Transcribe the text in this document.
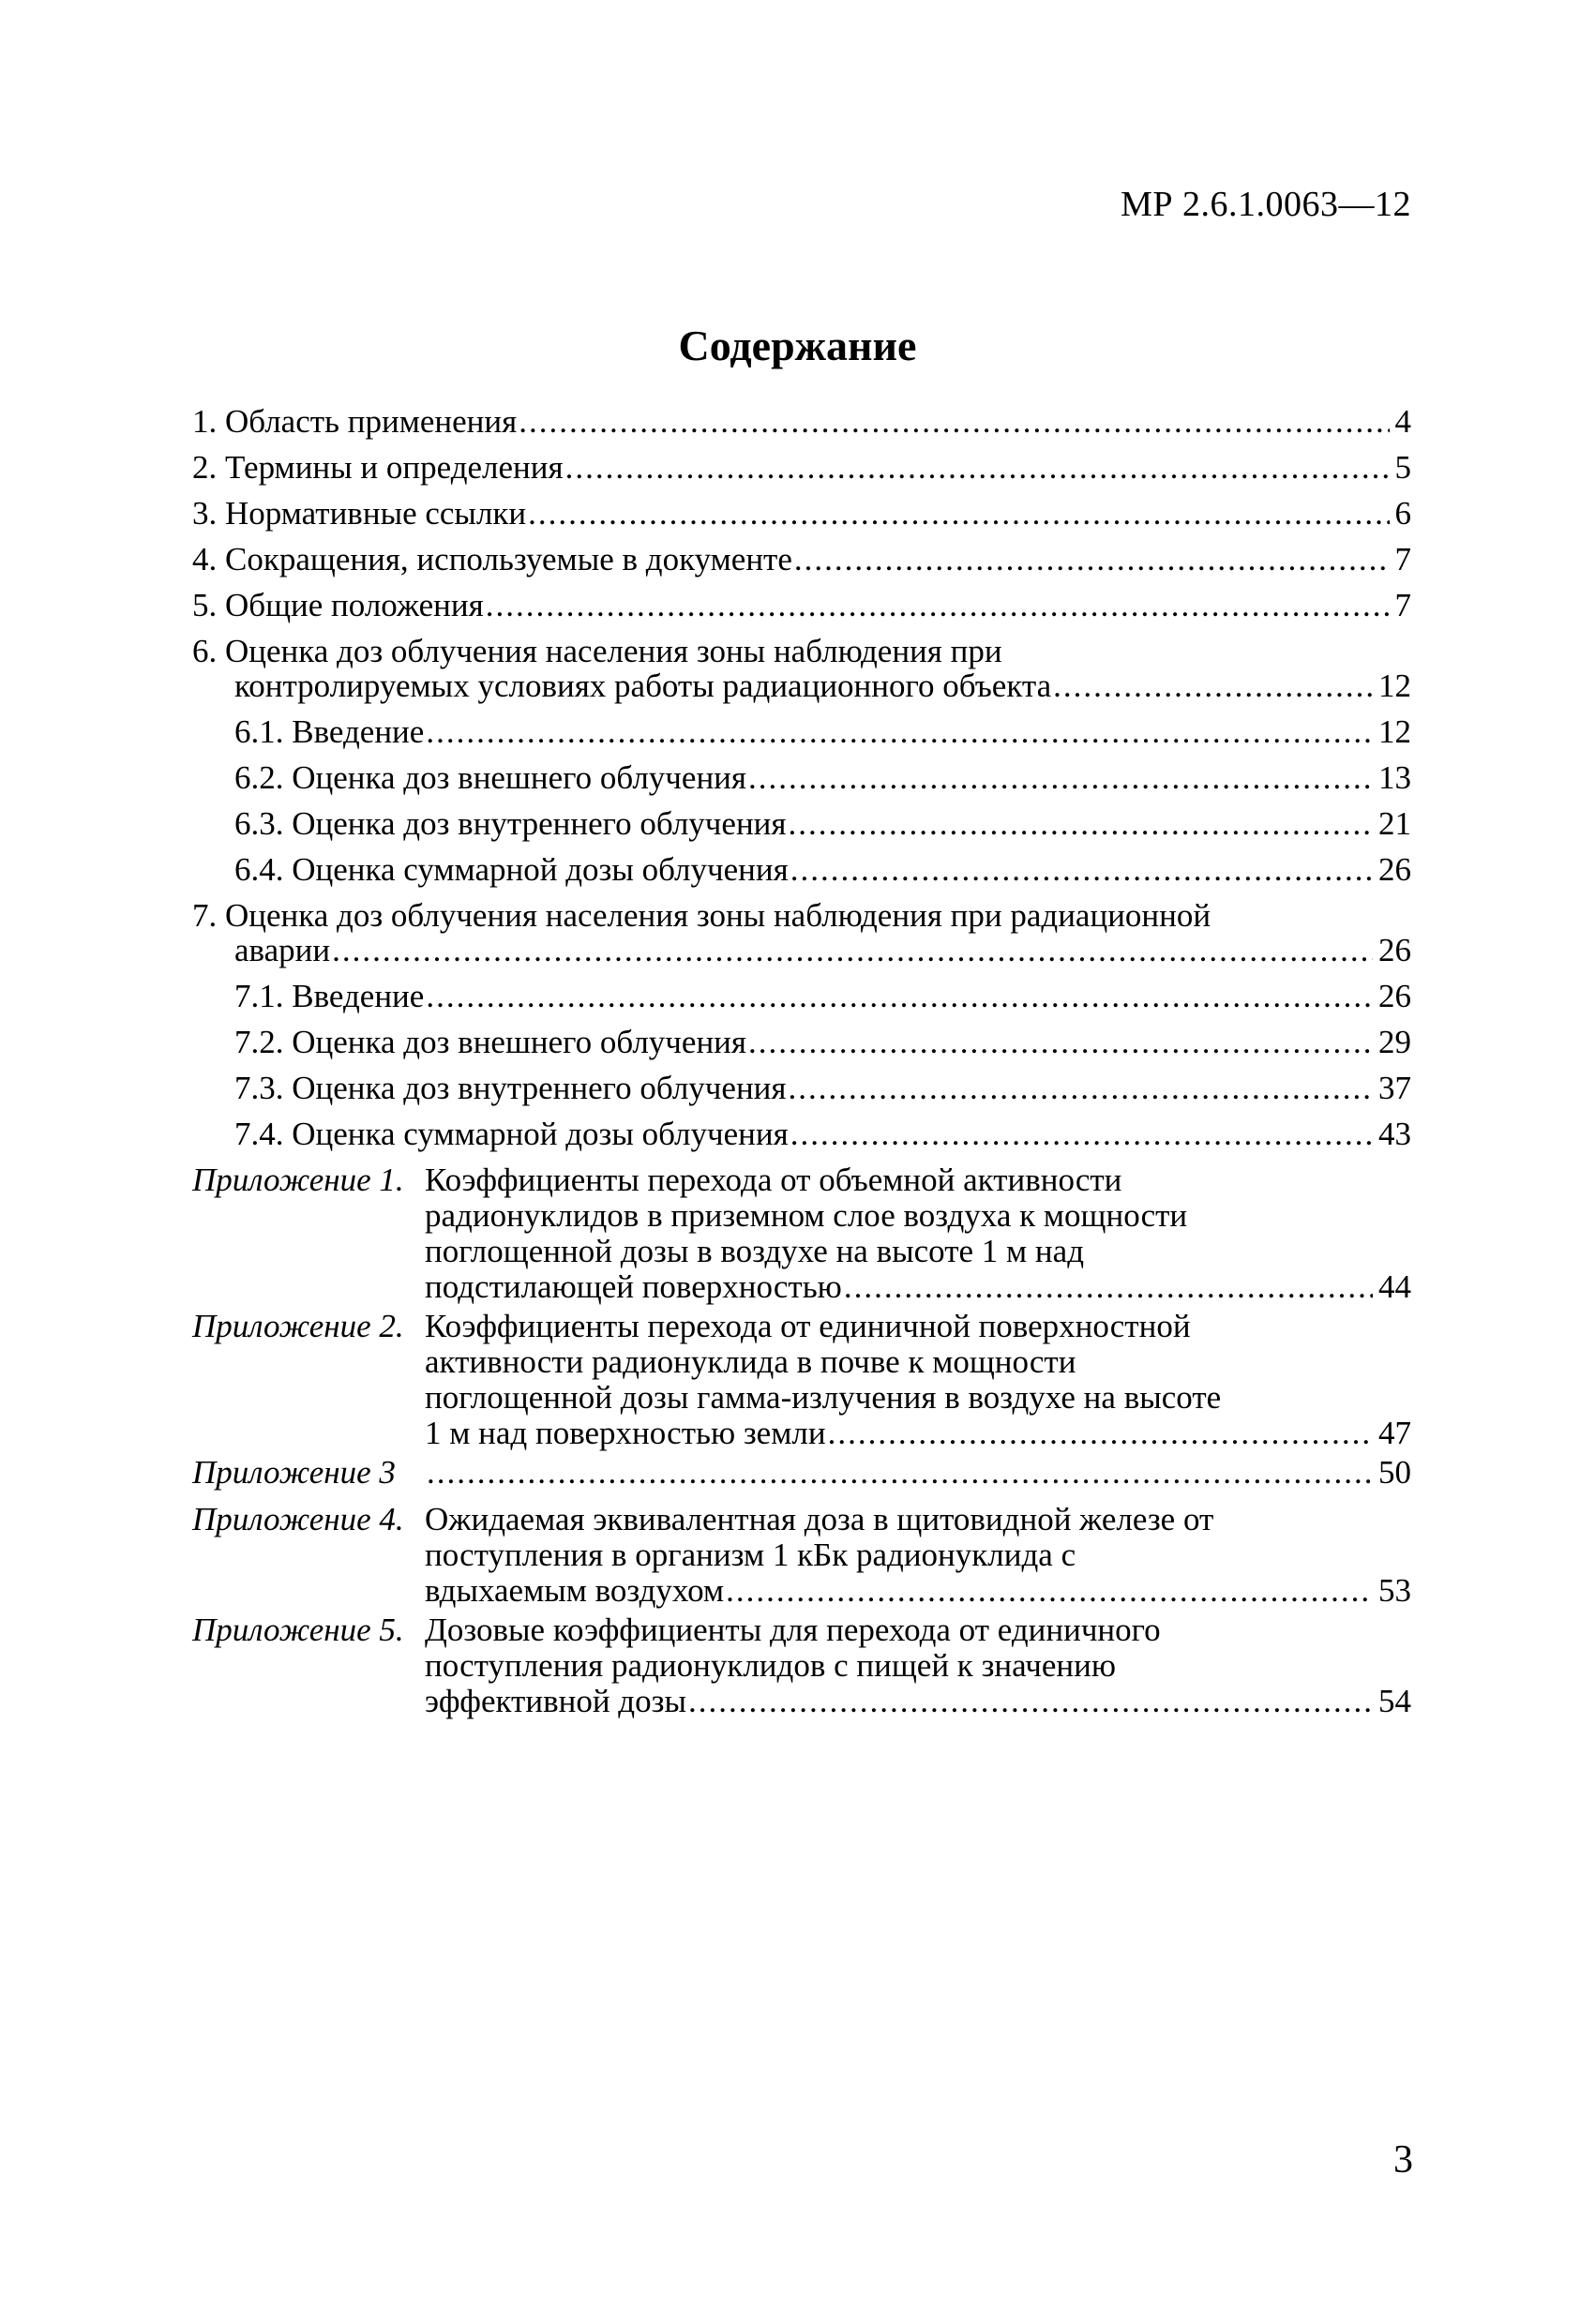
МР 2.6.1.0063—12
Содержание
1. Область применения .....	4
2. Термины и определения .....	5
3. Нормативные ссылки .....	6
4. Сокращения, используемые в документе .....	7
5. Общие положения .....	7
6. Оценка доз облучения населения зоны наблюдения при
контролируемых условиях работы радиационного объекта .....	12
6.1. Введение .....	12
6.2. Оценка доз внешнего облучения .....	13
6.3. Оценка доз внутреннего облучения .....	21
6.4. Оценка суммарной дозы облучения .....	26
7. Оценка доз облучения населения зоны наблюдения при радиационной
аварии .....	26
7.1. Введение .....	26
7.2. Оценка доз внешнего облучения .....	29
7.3. Оценка доз внутреннего облучения .....	37
7.4. Оценка суммарной дозы облучения .....	43
Приложение 1. Коэффициенты перехода от объемной активности
радионуклидов в приземном слое воздуха к мощности
поглощенной дозы в воздухе на высоте 1 м над
подстилающей поверхностью .....	44
Приложение 2. Коэффициенты перехода от единичной поверхностной
активности радионуклида в почве к мощности
поглощенной дозы гамма-излучения в воздухе на высоте
1 м над поверхностью земли .....	47
Приложение 3 .....	50
Приложение 4. Ожидаемая эквивалентная доза в щитовидной железе от
поступления в организм 1 кБк радионуклида с
вдыхаемым воздухом .....	53
Приложение 5. Дозовые коэффициенты для перехода от единичного
поступления радионуклидов с пищей к значению
эффективной дозы .....	54
3
